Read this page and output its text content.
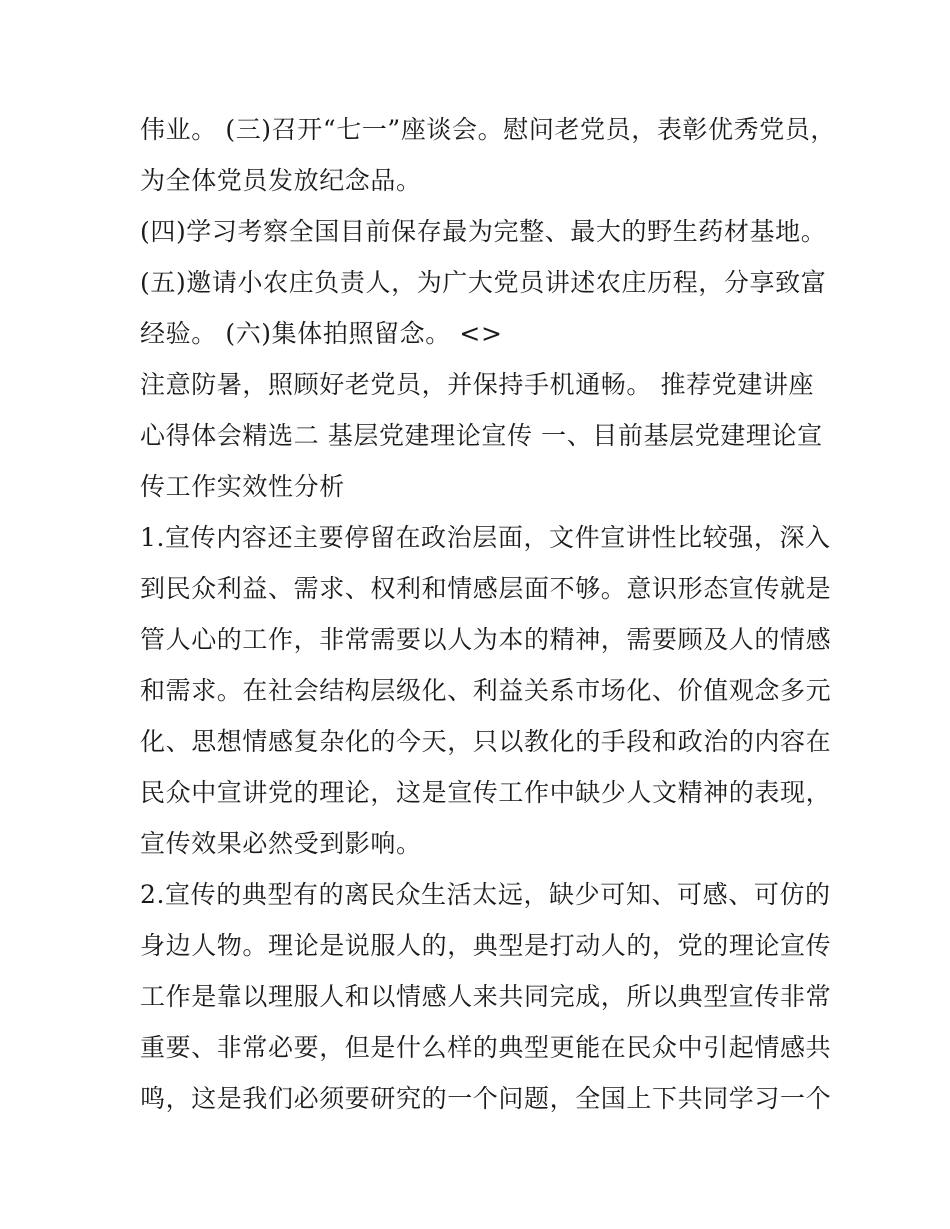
伟业。 (三)召开“七一”座谈会。慰问老党员，表彰优秀党员，
为全体党员发放纪念品。
(四)学习考察全国目前保存最为完整、最大的野生药材基地。
(五)邀请小农庄负责人，为广大党员讲述农庄历程，分享致富
经验。 (六)集体拍照留念。 <>
注意防暑，照顾好老党员，并保持手机通畅。 推荐党建讲座
心得体会精选二 基层党建理论宣传 一、目前基层党建理论宣
传工作实效性分析
1.宣传内容还主要停留在政治层面，文件宣讲性比较强，深入
到民众利益、需求、权利和情感层面不够。意识形态宣传就是
管人心的工作，非常需要以人为本的精神，需要顾及人的情感
和需求。在社会结构层级化、利益关系市场化、价值观念多元
化、思想情感复杂化的今天，只以教化的手段和政治的内容在
民众中宣讲党的理论，这是宣传工作中缺少人文精神的表现，
宣传效果必然受到影响。
2.宣传的典型有的离民众生活太远，缺少可知、可感、可仿的
身边人物。理论是说服人的，典型是打动人的，党的理论宣传
工作是靠以理服人和以情感人来共同完成，所以典型宣传非常
重要、非常必要，但是什么样的典型更能在民众中引起情感共
鸣，这是我们必须要研究的一个问题，全国上下共同学习一个
